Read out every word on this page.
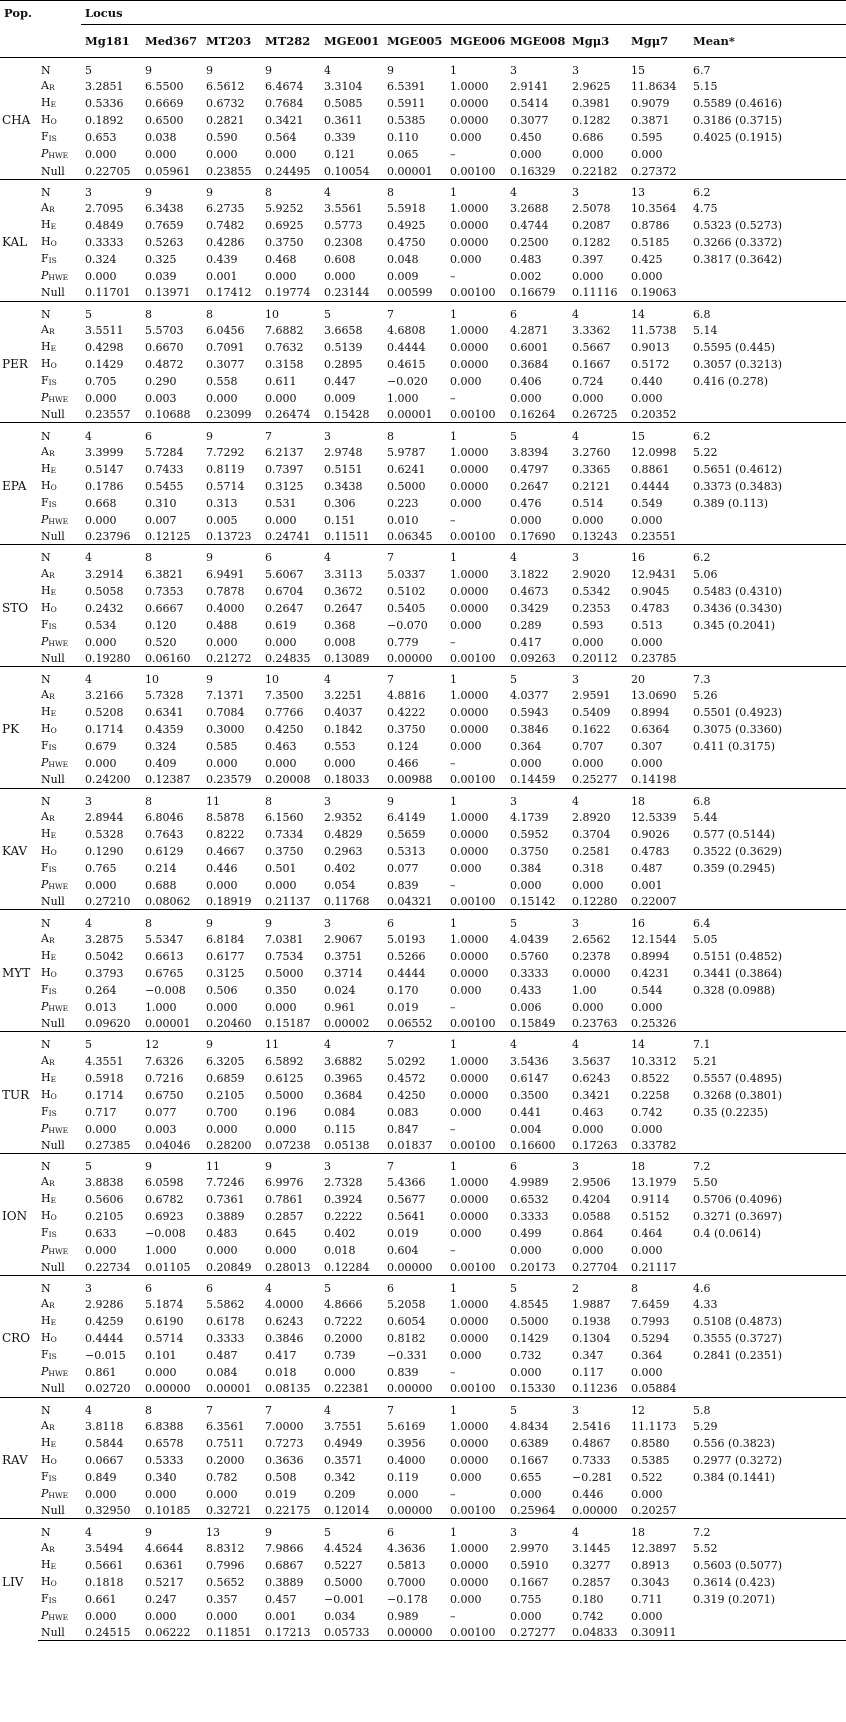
Pop.		Locus										
		Mg181	Med367	MT203	MT282	MGE001	MGE005	MGE006	MGE008	Mgμ3	Mgμ7	Mean*
CHA	N	5	9	9	9	4	9	1	3	3	15	6.7
	$A_R$	3.2851	6.5500	6.5612	6.4674	3.3104	6.5391	1.0000	2.9141	2.9625	11.8634	5.15
	$H_E$	0.5336	0.6669	0.6732	0.7684	0.5085	0.5911	0.0000	0.5414	0.3981	0.9079	0.5589 (0.4616)
	$H_O$	0.1892	0.6500	0.2821	0.3421	0.3611	0.5385	0.0000	0.3077	0.1282	0.3871	0.3186 (0.3715)
	$F_{IS}$	0.653	0.038	0.590	0.564	0.339	0.110	0.000	0.450	0.686	0.595	0.4025 (0.1915)
	$P_{HWE}$	0.000	0.000	0.000	0.000	0.121	0.065	–	0.000	0.000	0.000	
	Null	0.22705	0.05961	0.23855	0.24495	0.10054	0.00001	0.00100	0.16329	0.22182	0.27372	
KAL	N	3	9	9	8	4	8	1	4	3	13	6.2
	$A_R$	2.7095	6.3438	6.2735	5.9252	3.5561	5.5918	1.0000	3.2688	2.5078	10.3564	4.75
	$H_E$	0.4849	0.7659	0.7482	0.6925	0.5773	0.4925	0.0000	0.4744	0.2087	0.8786	0.5323 (0.5273)
	$H_O$	0.3333	0.5263	0.4286	0.3750	0.2308	0.4750	0.0000	0.2500	0.1282	0.5185	0.3266 (0.3372)
	$F_{IS}$	0.324	0.325	0.439	0.468	0.608	0.048	0.000	0.483	0.397	0.425	0.3817 (0.3642)
	$P_{HWE}$	0.000	0.039	0.001	0.000	0.000	0.009	–	0.002	0.000	0.000	
	Null	0.11701	0.13971	0.17412	0.19774	0.23144	0.00599	0.00100	0.16679	0.11116	0.19063	
PER	N	5	8	8	10	5	7	1	6	4	14	6.8
	$A_R$	3.5511	5.5703	6.0456	7.6882	3.6658	4.6808	1.0000	4.2871	3.3362	11.5738	5.14
	$H_E$	0.4298	0.6670	0.7091	0.7632	0.5139	0.4444	0.0000	0.6001	0.5667	0.9013	0.5595 (0.445)
	$H_O$	0.1429	0.4872	0.3077	0.3158	0.2895	0.4615	0.0000	0.3684	0.1667	0.5172	0.3057 (0.3213)
	$F_{IS}$	0.705	0.290	0.558	0.611	0.447	−0.020	0.000	0.406	0.724	0.440	0.416 (0.278)
	$P_{HWE}$	0.000	0.003	0.000	0.000	0.009	1.000	–	0.000	0.000	0.000	
	Null	0.23557	0.10688	0.23099	0.26474	0.15428	0.00001	0.00100	0.16264	0.26725	0.20352	
EPA	N	4	6	9	7	3	8	1	5	4	15	6.2
	$A_R$	3.3999	5.7284	7.7292	6.2137	2.9748	5.9787	1.0000	3.8394	3.2760	12.0998	5.22
	$H_E$	0.5147	0.7433	0.8119	0.7397	0.5151	0.6241	0.0000	0.4797	0.3365	0.8861	0.5651 (0.4612)
	$H_O$	0.1786	0.5455	0.5714	0.3125	0.3438	0.5000	0.0000	0.2647	0.2121	0.4444	0.3373 (0.3483)
	$F_{IS}$	0.668	0.310	0.313	0.531	0.306	0.223	0.000	0.476	0.514	0.549	0.389 (0.113)
	$P_{HWE}$	0.000	0.007	0.005	0.000	0.151	0.010	–	0.000	0.000	0.000	
	Null	0.23796	0.12125	0.13723	0.24741	0.11511	0.06345	0.00100	0.17690	0.13243	0.23551	
STO	N	4	8	9	6	4	7	1	4	3	16	6.2
	$A_R$	3.2914	6.3821	6.9491	5.6067	3.3113	5.0337	1.0000	3.1822	2.9020	12.9431	5.06
	$H_E$	0.5058	0.7353	0.7878	0.6704	0.3672	0.5102	0.0000	0.4673	0.5342	0.9045	0.5483 (0.4310)
	$H_O$	0.2432	0.6667	0.4000	0.2647	0.2647	0.5405	0.0000	0.3429	0.2353	0.4783	0.3436 (0.3430)
	$F_{IS}$	0.534	0.120	0.488	0.619	0.368	−0.070	0.000	0.289	0.593	0.513	0.345 (0.2041)
	$P_{HWE}$	0.000	0.520	0.000	0.000	0.008	0.779	–	0.417	0.000	0.000	
	Null	0.19280	0.06160	0.21272	0.24835	0.13089	0.00000	0.00100	0.09263	0.20112	0.23785	
PK	N	4	10	9	10	4	7	1	5	3	20	7.3
	$A_R$	3.2166	5.7328	7.1371	7.3500	3.2251	4.8816	1.0000	4.0377	2.9591	13.0690	5.26
	$H_E$	0.5208	0.6341	0.7084	0.7766	0.4037	0.4222	0.0000	0.5943	0.5409	0.8994	0.5501 (0.4923)
	$H_O$	0.1714	0.4359	0.3000	0.4250	0.1842	0.3750	0.0000	0.3846	0.1622	0.6364	0.3075 (0.3360)
	$F_{IS}$	0.679	0.324	0.585	0.463	0.553	0.124	0.000	0.364	0.707	0.307	0.411 (0.3175)
	$P_{HWE}$	0.000	0.409	0.000	0.000	0.000	0.466	–	0.000	0.000	0.000	
	Null	0.24200	0.12387	0.23579	0.20008	0.18033	0.00988	0.00100	0.14459	0.25277	0.14198	
KAV	N	3	8	11	8	3	9	1	3	4	18	6.8
	$A_R$	2.8944	6.8046	8.5878	6.1560	2.9352	6.4149	1.0000	4.1739	2.8920	12.5339	5.44
	$H_E$	0.5328	0.7643	0.8222	0.7334	0.4829	0.5659	0.0000	0.5952	0.3704	0.9026	0.577 (0.5144)
	$H_O$	0.1290	0.6129	0.4667	0.3750	0.2963	0.5313	0.0000	0.3750	0.2581	0.4783	0.3522 (0.3629)
	$F_{IS}$	0.765	0.214	0.446	0.501	0.402	0.077	0.000	0.384	0.318	0.487	0.359 (0.2945)
	$P_{HWE}$	0.000	0.688	0.000	0.000	0.054	0.839	–	0.000	0.000	0.001	
	Null	0.27210	0.08062	0.18919	0.21137	0.11768	0.04321	0.00100	0.15142	0.12280	0.22007	
MYT	N	4	8	9	9	3	6	1	5	3	16	6.4
	$A_R$	3.2875	5.5347	6.8184	7.0381	2.9067	5.0193	1.0000	4.0439	2.6562	12.1544	5.05
	$H_E$	0.5042	0.6613	0.6177	0.7534	0.3751	0.5266	0.0000	0.5760	0.2378	0.8994	0.5151 (0.4852)
	$H_O$	0.3793	0.6765	0.3125	0.5000	0.3714	0.4444	0.0000	0.3333	0.0000	0.4231	0.3441 (0.3864)
	$F_{IS}$	0.264	−0.008	0.506	0.350	0.024	0.170	0.000	0.433	1.00	0.544	0.328 (0.0988)
	$P_{HWE}$	0.013	1.000	0.000	0.000	0.961	0.019	–	0.006	0.000	0.000	
	Null	0.09620	0.00001	0.20460	0.15187	0.00002	0.06552	0.00100	0.15849	0.23763	0.25326	
TUR	N	5	12	9	11	4	7	1	4	4	14	7.1
	$A_R$	4.3551	7.6326	6.3205	6.5892	3.6882	5.0292	1.0000	3.5436	3.5637	10.3312	5.21
	$H_E$	0.5918	0.7216	0.6859	0.6125	0.3965	0.4572	0.0000	0.6147	0.6243	0.8522	0.5557 (0.4895)
	$H_O$	0.1714	0.6750	0.2105	0.5000	0.3684	0.4250	0.0000	0.3500	0.3421	0.2258	0.3268 (0.3801)
	$F_{IS}$	0.717	0.077	0.700	0.196	0.084	0.083	0.000	0.441	0.463	0.742	0.35 (0.2235)
	$P_{HWE}$	0.000	0.003	0.000	0.000	0.115	0.847	–	0.004	0.000	0.000	
	Null	0.27385	0.04046	0.28200	0.07238	0.05138	0.01837	0.00100	0.16600	0.17263	0.33782	
ION	N	5	9	11	9	3	7	1	6	3	18	7.2
	$A_R$	3.8838	6.0598	7.7246	6.9976	2.7328	5.4366	1.0000	4.9989	2.9506	13.1979	5.50
	$H_E$	0.5606	0.6782	0.7361	0.7861	0.3924	0.5677	0.0000	0.6532	0.4204	0.9114	0.5706 (0.4096)
	$H_O$	0.2105	0.6923	0.3889	0.2857	0.2222	0.5641	0.0000	0.3333	0.0588	0.5152	0.3271 (0.3697)
	$F_{IS}$	0.633	−0.008	0.483	0.645	0.402	0.019	0.000	0.499	0.864	0.464	0.4 (0.0614)
	$P_{HWE}$	0.000	1.000	0.000	0.000	0.018	0.604	–	0.000	0.000	0.000	
	Null	0.22734	0.01105	0.20849	0.28013	0.12284	0.00000	0.00100	0.20173	0.27704	0.21117	
CRO	N	3	6	6	4	5	6	1	5	2	8	4.6
	$A_R$	2.9286	5.1874	5.5862	4.0000	4.8666	5.2058	1.0000	4.8545	1.9887	7.6459	4.33
	$H_E$	0.4259	0.6190	0.6178	0.6243	0.7222	0.6054	0.0000	0.5000	0.1938	0.7993	0.5108 (0.4873)
	$H_O$	0.4444	0.5714	0.3333	0.3846	0.2000	0.8182	0.0000	0.1429	0.1304	0.5294	0.3555 (0.3727)
	$F_{IS}$	−0.015	0.101	0.487	0.417	0.739	−0.331	0.000	0.732	0.347	0.364	0.2841 (0.2351)
	$P_{HWE}$	0.861	0.000	0.084	0.018	0.000	0.839	–	0.000	0.117	0.000	
	Null	0.02720	0.00000	0.00001	0.08135	0.22381	0.00000	0.00100	0.15330	0.11236	0.05884	
RAV	N	4	8	7	7	4	7	1	5	3	12	5.8
	$A_R$	3.8118	6.8388	6.3561	7.0000	3.7551	5.6169	1.0000	4.8434	2.5416	11.1173	5.29
	$H_E$	0.5844	0.6578	0.7511	0.7273	0.4949	0.3956	0.0000	0.6389	0.4867	0.8580	0.556 (0.3823)
	$H_O$	0.0667	0.5333	0.2000	0.3636	0.3571	0.4000	0.0000	0.1667	0.7333	0.5385	0.2977 (0.3272)
	$F_{IS}$	0.849	0.340	0.782	0.508	0.342	0.119	0.000	0.655	−0.281	0.522	0.384 (0.1441)
	$P_{HWE}$	0.000	0.000	0.000	0.019	0.209	0.000	–	0.000	0.446	0.000	
	Null	0.32950	0.10185	0.32721	0.22175	0.12014	0.00000	0.00100	0.25964	0.00000	0.20257	
LIV	N	4	9	13	9	5	6	1	3	4	18	7.2
	$A_R$	3.5494	4.6644	8.8312	7.9866	4.4524	4.3636	1.0000	2.9970	3.1445	12.3897	5.52
	$H_E$	0.5661	0.6361	0.7996	0.6867	0.5227	0.5813	0.0000	0.5910	0.3277	0.8913	0.5603 (0.5077)
	$H_O$	0.1818	0.5217	0.5652	0.3889	0.5000	0.7000	0.0000	0.1667	0.2857	0.3043	0.3614 (0.423)
	$F_{IS}$	0.661	0.247	0.357	0.457	−0.001	−0.178	0.000	0.755	0.180	0.711	0.319 (0.2071)
	$P_{HWE}$	0.000	0.000	0.000	0.001	0.034	0.989	–	0.000	0.742	0.000	
	Null	0.24515	0.06222	0.11851	0.17213	0.05733	0.00000	0.00100	0.27277	0.04833	0.30911	
